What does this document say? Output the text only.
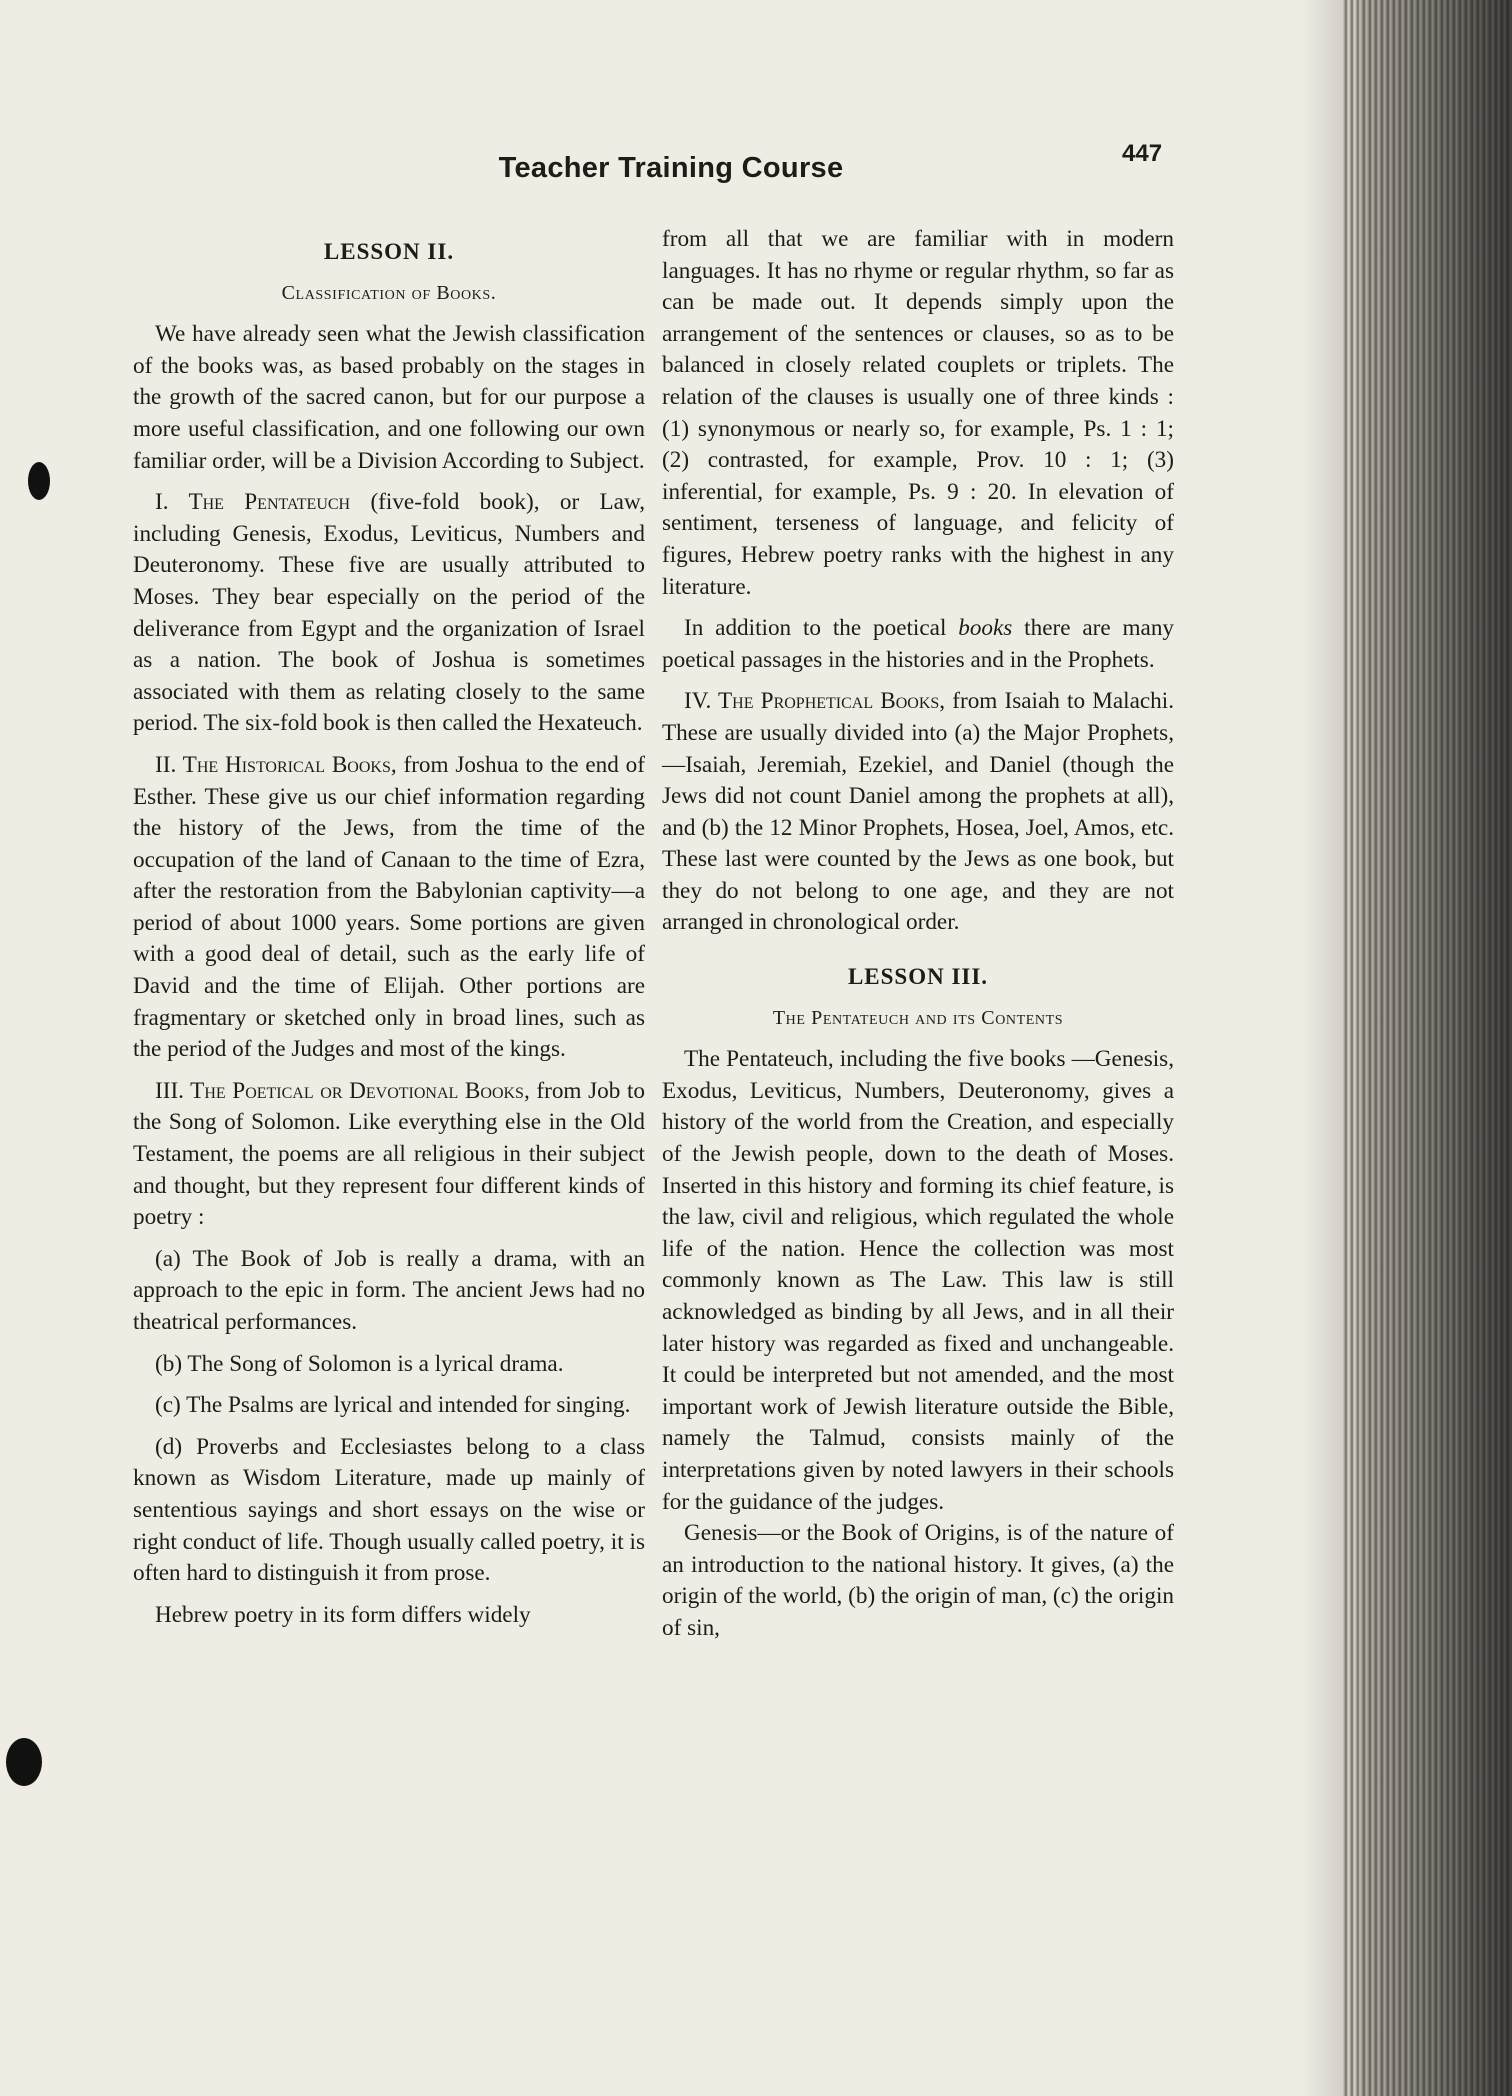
Teacher Training Course	447
LESSON II.
Classification of Books.

We have already seen what the Jewish classification of the books was, as based probably on the stages in the growth of the sacred canon, but for our purpose a more useful classification, and one following our own familiar order, will be a Division According to Subject.

I. The Pentateuch (five-fold book), or Law, including Genesis, Exodus, Leviticus, Numbers and Deuteronomy. These five are usually attributed to Moses. They bear especially on the period of the deliverance from Egypt and the organization of Israel as a nation. The book of Joshua is sometimes associated with them as relating closely to the same period. The six-fold book is then called the Hexateuch.

II. The Historical Books, from Joshua to the end of Esther. These give us our chief information regarding the history of the Jews, from the time of the occupation of the land of Canaan to the time of Ezra, after the restoration from the Babylonian captivity—a period of about 1000 years. Some portions are given with a good deal of detail, such as the early life of David and the time of Elijah. Other portions are fragmentary or sketched only in broad lines, such as the period of the Judges and most of the kings.

III. The Poetical or Devotional Books, from Job to the Song of Solomon. Like everything else in the Old Testament, the poems are all religious in their subject and thought, but they represent four different kinds of poetry :

(a) The Book of Job is really a drama, with an approach to the epic in form. The ancient Jews had no theatrical performances.

(b) The Song of Solomon is a lyrical drama.

(c) The Psalms are lyrical and intended for singing.

(d) Proverbs and Ecclesiastes belong to a class known as Wisdom Literature, made up mainly of sententious sayings and short essays on the wise or right conduct of life. Though usually called poetry, it is often hard to distinguish it from prose.

Hebrew poetry in its form differs widely

from all that we are familiar with in modern languages. It has no rhyme or regular rhythm, so far as can be made out. It depends simply upon the arrangement of the sentences or clauses, so as to be balanced in closely related couplets or triplets. The relation of the clauses is usually one of three kinds : (1) synonymous or nearly so, for example, Ps. 1 : 1; (2) contrasted, for example, Prov. 10 : 1; (3) inferential, for example, Ps. 9 : 20. In elevation of sentiment, terseness of language, and felicity of figures, Hebrew poetry ranks with the highest in any literature.

In addition to the poetical books there are many poetical passages in the histories and in the Prophets.

IV. The Prophetical Books, from Isaiah to Malachi. These are usually divided into (a) the Major Prophets,—Isaiah, Jeremiah, Ezekiel, and Daniel (though the Jews did not count Daniel among the prophets at all), and (b) the 12 Minor Prophets, Hosea, Joel, Amos, etc. These last were counted by the Jews as one book, but they do not belong to one age, and they are not arranged in chronological order.

LESSON III.
The Pentateuch and its Contents

The Pentateuch, including the five books —Genesis, Exodus, Leviticus, Numbers, Deuteronomy, gives a history of the world from the Creation, and especially of the Jewish people, down to the death of Moses. Inserted in this history and forming its chief feature, is the law, civil and religious, which regulated the whole life of the nation. Hence the collection was most commonly known as The Law. This law is still acknowledged as binding by all Jews, and in all their later history was regarded as fixed and unchangeable. It could be interpreted but not amended, and the most important work of Jewish literature outside the Bible, namely the Talmud, consists mainly of the interpretations given by noted lawyers in their schools for the guidance of the judges.

Genesis—or the Book of Origins, is of the nature of an introduction to the national history. It gives, (a) the origin of the world, (b) the origin of man, (c) the origin of sin,
